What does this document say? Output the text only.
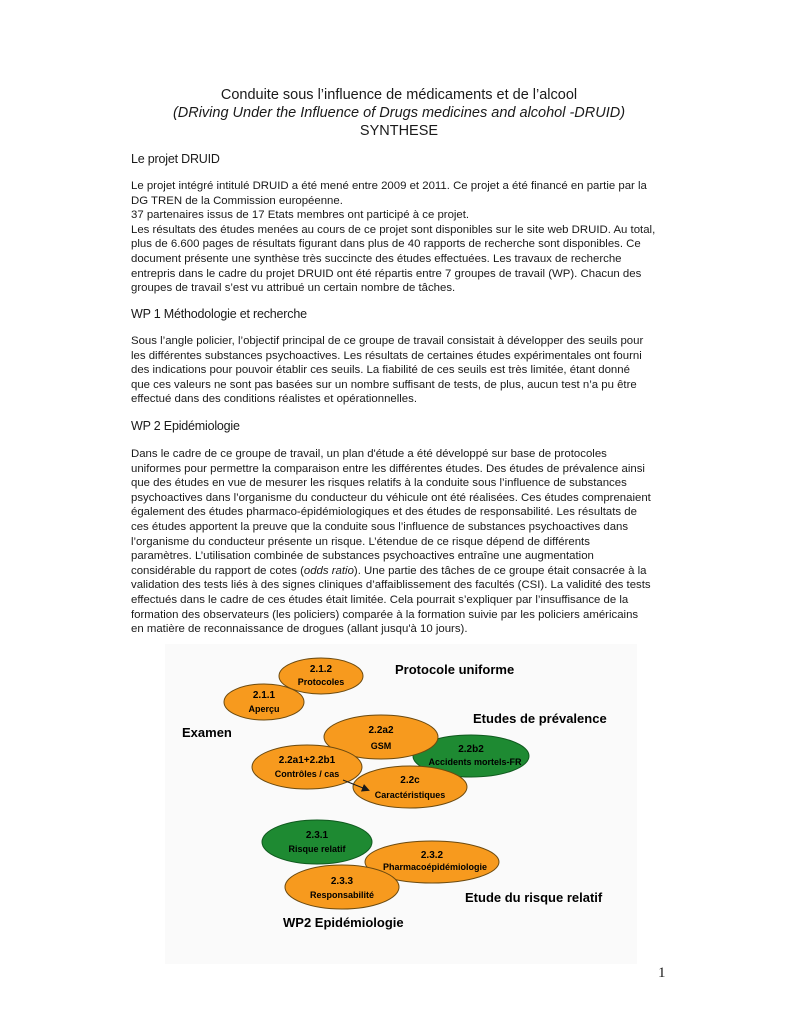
Conduite sous l’influence de médicaments et de l’alcool
(DRiving Under the Influence of Drugs medicines and alcohol -DRUID)
SYNTHESE
Le projet DRUID
Le projet intégré intitulé DRUID a été mené entre 2009 et 2011. Ce projet a été financé en partie par la
DG TREN de la Commission européenne.
37 partenaires issus de 17 Etats membres ont participé à ce projet.
Les résultats des études menées au cours de ce projet sont disponibles sur le site web DRUID. Au total,
plus de 6.600 pages de résultats figurant dans plus de 40 rapports de recherche sont disponibles. Ce
document présente une synthèse très succincte des études effectuées. Les travaux de recherche
entrepris dans le cadre du projet DRUID ont été répartis entre 7 groupes de travail (WP). Chacun des
groupes de travail s’est vu attribué un certain nombre de tâches.
WP 1 Méthodologie et recherche
Sous l’angle policier, l’objectif principal de ce groupe de travail consistait à développer des seuils pour
les différentes substances psychoactives. Les résultats de certaines études expérimentales ont fourni
des indications pour pouvoir établir ces seuils. La fiabilité de ces seuils est très limitée, étant donné
que ces valeurs ne sont pas basées sur un nombre suffisant de tests, de plus, aucun test n’a pu être
effectué dans des conditions réalistes et opérationnelles.
WP 2 Epidémiologie
Dans le cadre de ce groupe de travail, un plan d'étude a été développé sur base de protocoles
uniformes pour permettre la comparaison entre les différentes études. Des études de prévalence ainsi
que des études en vue de mesurer les risques relatifs à la conduite sous l’influence de substances
psychoactives dans l’organisme du conducteur du véhicule ont été réalisées. Ces études comprenaient
également des études pharmaco-épidémiologiques et des études de responsabilité. Les résultats de
ces études apportent la preuve que la conduite sous l’influence de substances psychoactives dans
l’organisme du conducteur présente un risque. L’étendue de ce risque dépend de différents
paramètres. L’utilisation combinée de substances psychoactives entraîne une augmentation
considérable du rapport de cotes (odds ratio). Une partie des tâches de ce groupe était consacrée à la
validation des tests liés à des signes cliniques d’affaiblissement des facultés (CSI). La validité des tests
effectués dans le cadre de ces études était limitée. Cela pourrait s’expliquer par l’insuffisance de la
formation des observateurs (les policiers) comparée à la formation suivie par les policiers américains
en matière de reconnaissance de drogues (allant jusqu'à 10 jours).
Protocole uniforme
Etudes de prévalence
Examen
Etude du risque relatif
WP2 Epidémiologie
2.1.2
Protocoles
2.1.1
Aperçu
2.2b2
Accidents mortels-FR
2.2a2
GSM
2.2a1+2.2b1
Contrôles / cas
2.2c
Caractéristiques
2.3.1
Risque relatif
2.3.2
Pharmacoépidémiologie
2.3.3
Responsabilité
1
